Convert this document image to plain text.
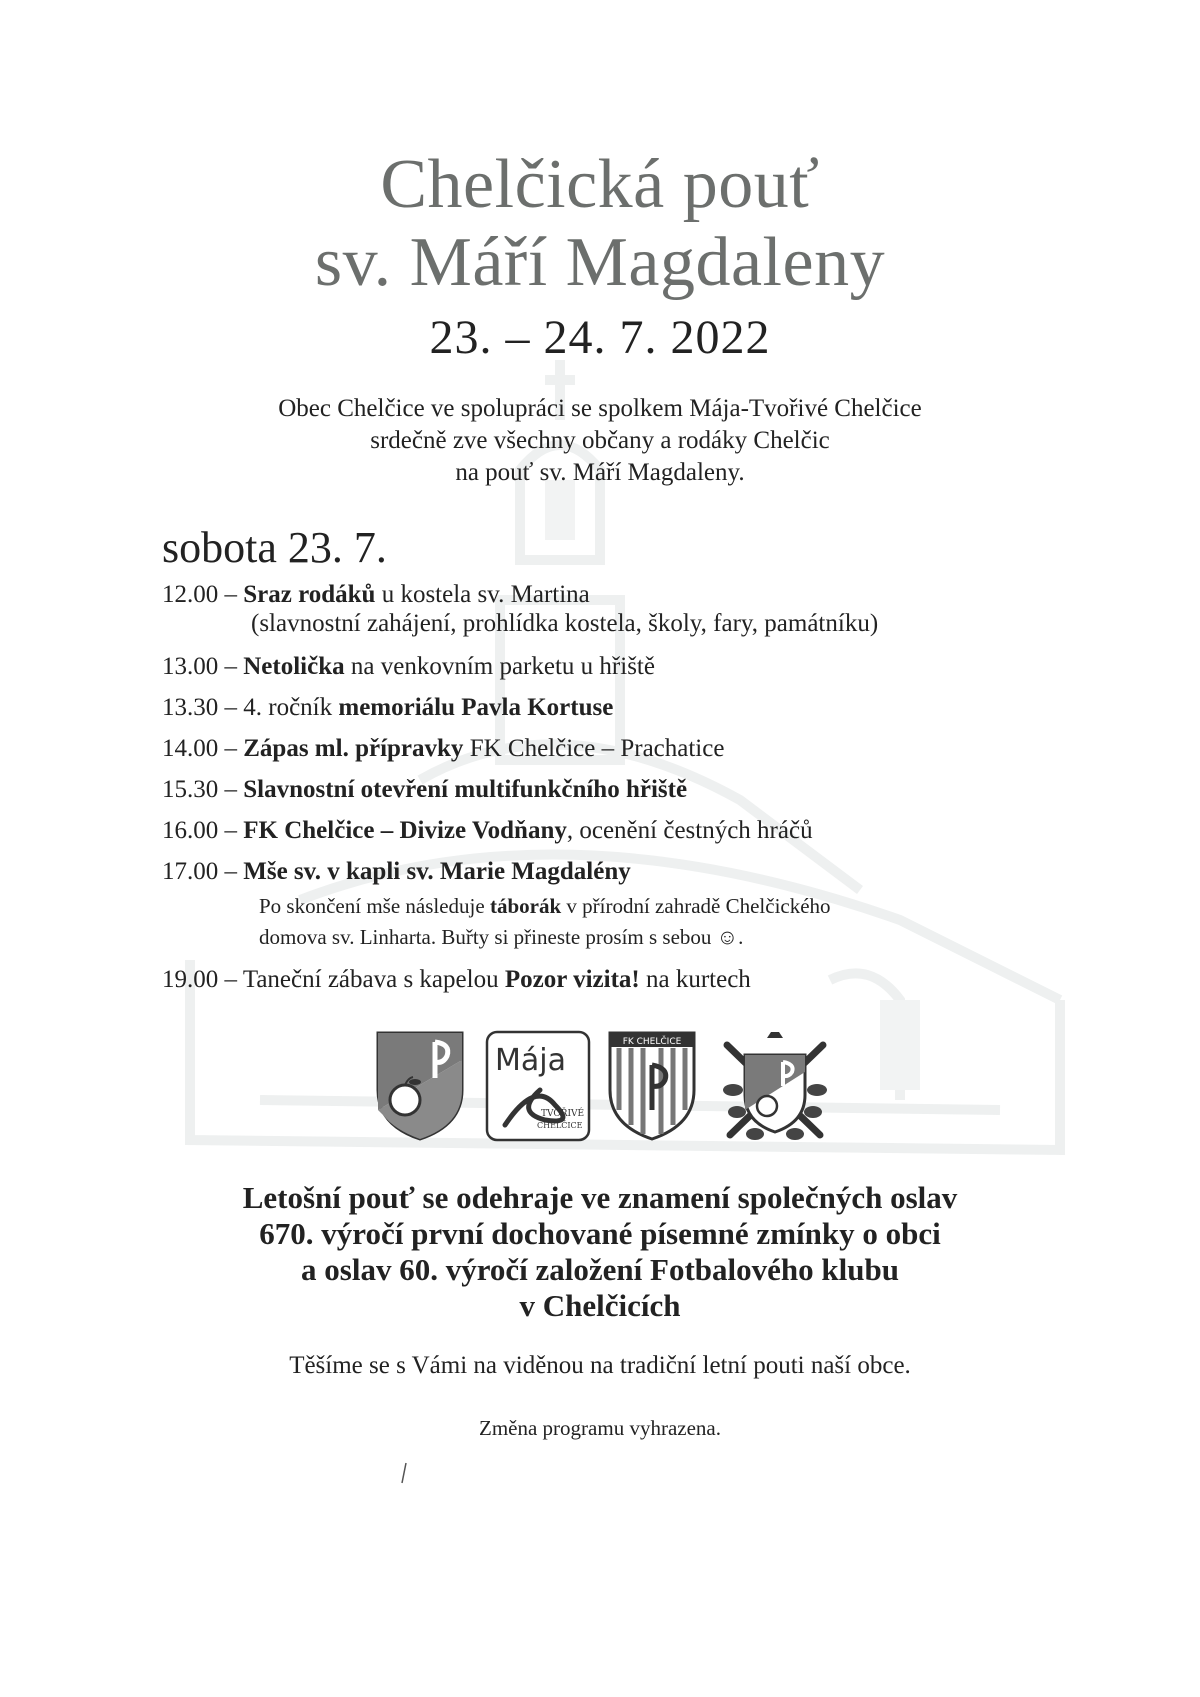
Chelčická pouť
sv. Máří Magdaleny
23. – 24. 7. 2022
Obec Chelčice ve spolupráci se spolkem Mája-Tvořivé Chelčice
srdečně zve všechny občany a rodáky Chelčic
na pouť sv. Máří Magdaleny.
sobota 23. 7.
12.00 – Sraz rodáků u kostela sv. Martina
(slavnostní zahájení, prohlídka kostela, školy, fary, památníku)
13.00 – Netolička na venkovním parketu u hřiště
13.30 – 4. ročník memoriálu Pavla Kortuse
14.00 – Zápas ml. přípravky FK Chelčice – Prachatice
15.30 – Slavnostní otevření multifunkčního hřiště
16.00 – FK Chelčice – Divize Vodňany, ocenění čestných hráčů
17.00 – Mše sv. v kapli sv. Marie Magdalény
Po skončení mše následuje táborák v přírodní zahradě Chelčického
domova sv. Linharta. Buřty si přineste prosím s sebou ☺.
19.00 – Taneční zábava s kapelou Pozor vizita! na kurtech
Mája
TVOŘIVÉ
CHELČICE
FK CHELČICE
Letošní pouť se odehraje ve znamení společných oslav
670. výročí první dochované písemné zmínky o obci
a oslav 60. výročí založení Fotbalového klubu
v Chelčicích
Těšíme se s Vámi na viděnou na tradiční letní pouti naší obce.
Změna programu vyhrazena.
